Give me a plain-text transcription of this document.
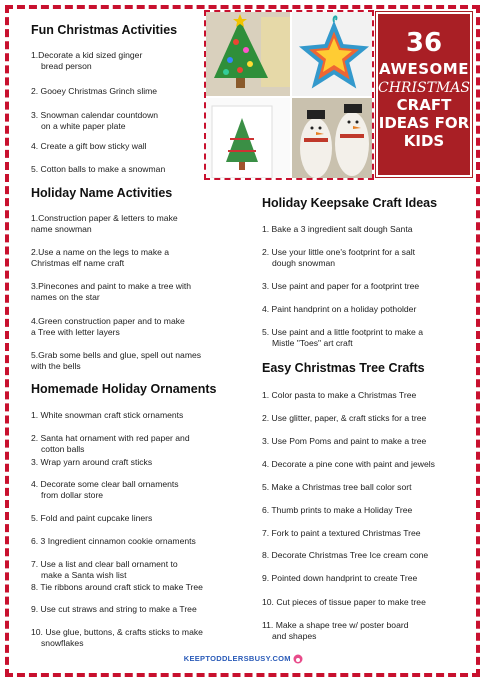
36
AWESOME
CHRISTMAS
CRAFT
IDEAS FOR
KIDS
Fun Christmas Activities
1.Decorate a kid sized ginger
bread person
2. Gooey Christmas Grinch slime
3. Snowman calendar countdown
on a white paper plate
4. Create a gift bow sticky wall
5. Cotton balls to make a snowman
Holiday Name Activities
1.Construction paper & letters to make
name snowman
2.Use a name on the legs to make a
Christmas elf name craft
3.Pinecones and paint to make a tree with
names on the star
4.Green construction paper and to make
a Tree with letter layers
5.Grab some bells and glue, spell out names
with the bells
Homemade Holiday Ornaments
1. White snowman craft stick ornaments
2. Santa hat ornament with red paper and
cotton balls
3. Wrap yarn around craft sticks
4. Decorate some clear ball ornaments
from dollar store
5. Fold and paint cupcake liners
6. 3 Ingredient cinnamon cookie ornaments
7. Use a list and clear ball ornament to
make a Santa wish list
8. Tie ribbons around craft stick to make Tree
9. Use cut straws and string to make a Tree
10. Use glue, buttons, & crafts sticks to make
snowflakes
Holiday Keepsake Craft Ideas
1. Bake a 3 ingredient salt dough Santa
2. Use your little one's footprint for a salt
dough snowman
3. Use paint and paper for a footprint tree
4. Paint handprint on a holiday potholder
5. Use paint and a little footprint to make a
Mistle "Toes" art craft
Easy Christmas Tree Crafts
1. Color pasta to make a Christmas Tree
2. Use glitter, paper, & craft sticks for a tree
3. Use Pom Poms and paint to make a tree
4. Decorate a pine cone with paint and jewels
5. Make a Christmas tree ball color sort
6. Thumb prints to make a Holiday Tree
7. Fork to paint a textured Christmas Tree
8. Decorate Christmas Tree Ice cream cone
9. Pointed down handprint to create Tree
10. Cut pieces of tissue paper to make tree
11. Make a shape tree w/ poster board
and shapes
KEEPTODDLERSBUSY.COM
